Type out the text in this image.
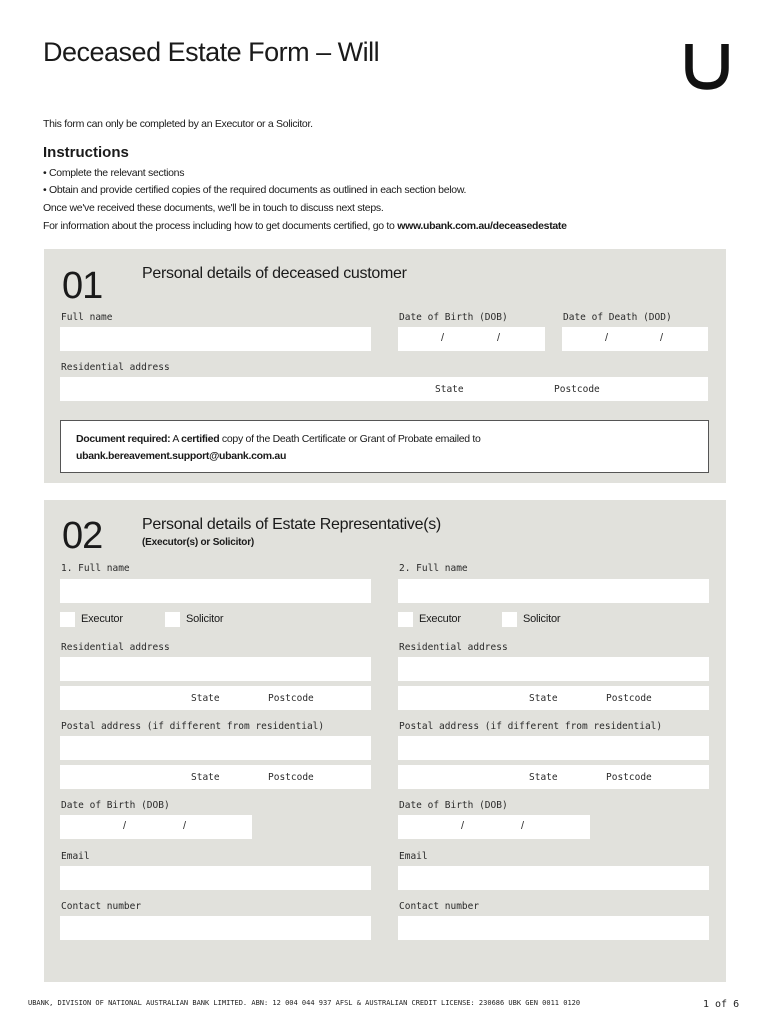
Deceased Estate Form – Will

This form can only be completed by an Executor or a Solicitor.

Instructions

• Complete the relevant sections

• Obtain and provide certified copies of the required documents as outlined in each section below.

Once we've received these documents, we'll be in touch to discuss next steps.

For information about the process including how to get documents certified, go to www.ubank.com.au/deceasedestate

01 Personal details of deceased customer
Full name	Date of Birth (DOB)	Date of Death (DOD)
/	/	/	/
Residential address
State	Postcode
Document required: A certified copy of the Death Certificate or Grant of Probate emailed to
ubank.bereavement.support@ubank.com.au
02 Personal details of Estate Representative(s)
(Executor(s) or Solicitor)
1. Full name
Executor	Solicitor
Residential address
State	Postcode
Postal address (if different from residential)
State	Postcode
Date of Birth (DOB)
/	/
Email
Contact number
2. Full name
Executor	Solicitor
Residential address
State	Postcode
Postal address (if different from residential)
State	Postcode
Date of Birth (DOB)
/	/
Email
Contact number
UBANK, DIVISION OF NATIONAL AUSTRALIAN BANK LIMITED. ABN: 12 004 044 937 AFSL & AUSTRALIAN CREDIT LICENSE: 230686 UBK GEN 0011 0120	1 of 6
